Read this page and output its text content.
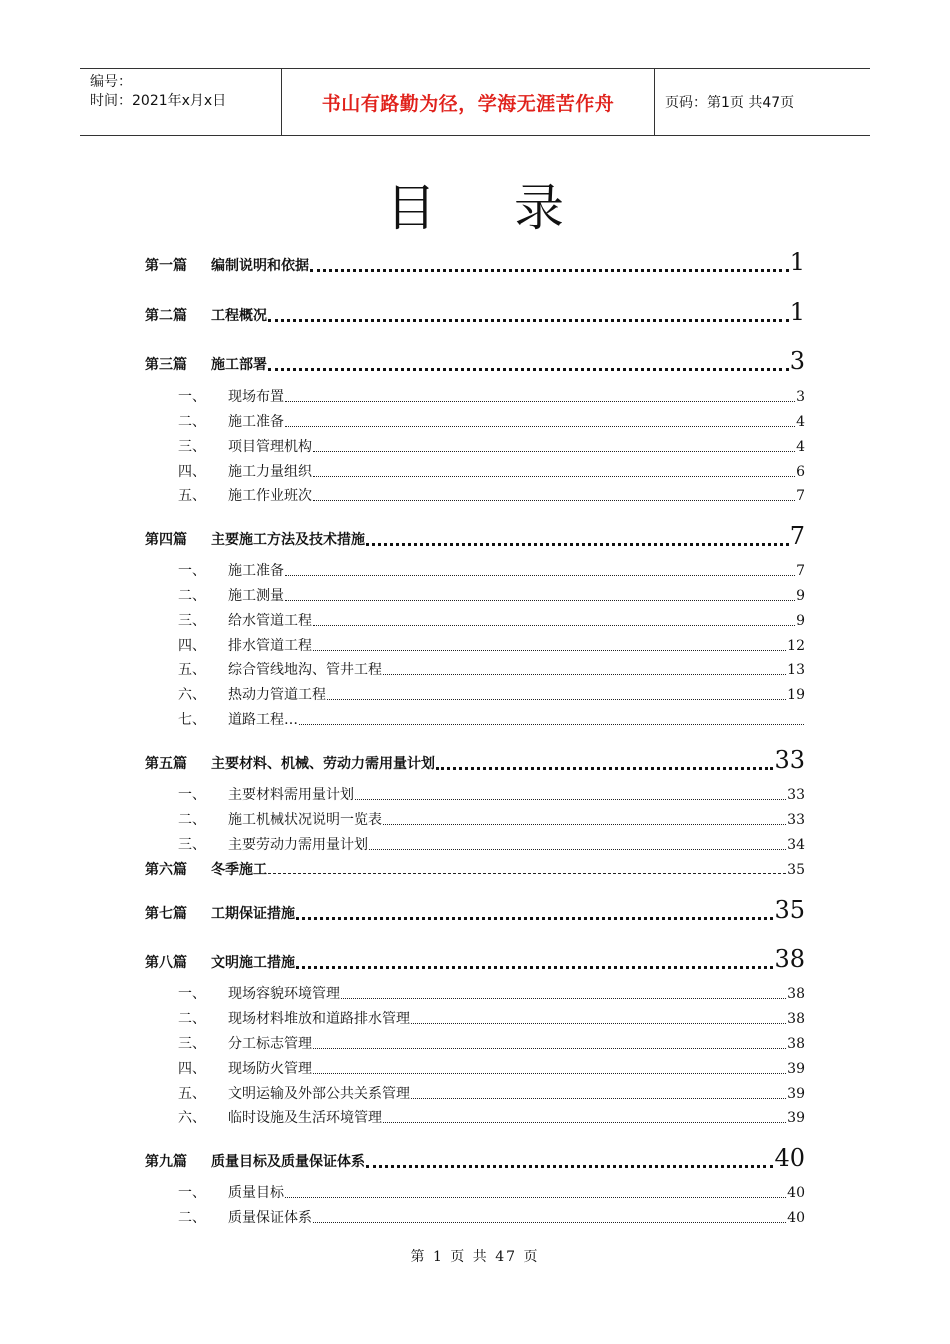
编号：
时间：2021年x月x日	书山有路勤为径，学海无涯苦作舟	页码：第1页 共47页
目录
第一篇	编制说明和依据	1
第二篇	工程概况	1
第三篇	施工部署	3
一、	现场布置	3
二、	施工准备	4
三、	项目管理机构	4
四、	施工力量组织	6
五、	施工作业班次	7
第四篇	主要施工方法及技术措施	7
一、	施工准备	7
二、	施工测量	9
三、	给水管道工程	9
四、	排水管道工程	12
五、	综合管线地沟、管井工程	13
六、	热动力管道工程	19
七、	道路工程…
第五篇	主要材料、机械、劳动力需用量计划	33
一、	主要材料需用量计划	33
二、	施工机械状况说明一览表	33
三、	主要劳动力需用量计划	34
第六篇	冬季施工	35
第七篇	工期保证措施	35
第八篇	文明施工措施	38
一、	现场容貌环境管理	38
二、	现场材料堆放和道路排水管理	38
三、	分工标志管理	38
四、	现场防火管理	39
五、	文明运输及外部公共关系管理	39
六、	临时设施及生活环境管理	39
第九篇	质量目标及质量保证体系	40
一、	质量目标	40
二、	质量保证体系	40
第 1 页 共 47 页
